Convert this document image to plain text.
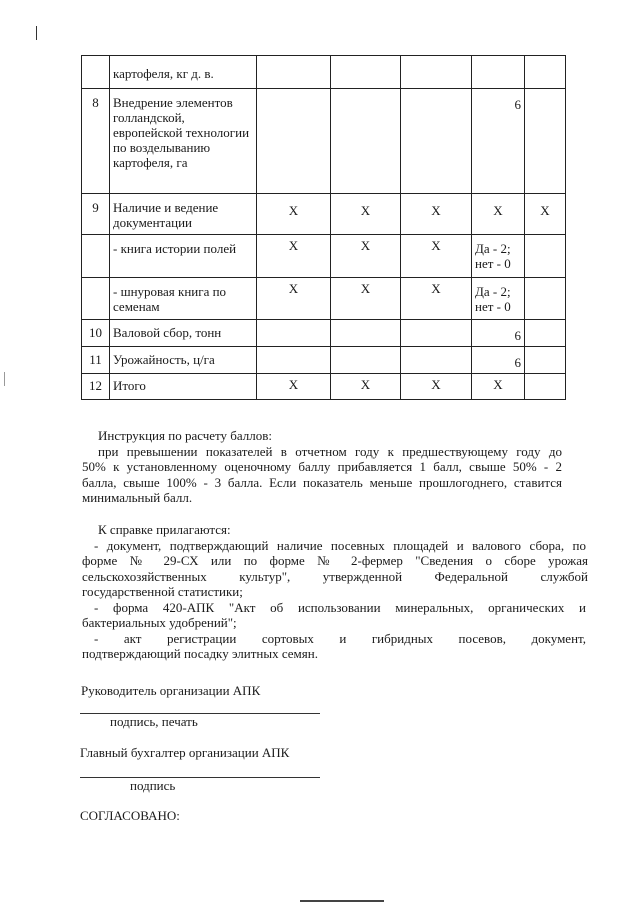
	картофеля, кг д. в.					
8	Внедрение элементов голландской, европейской технологии по возделыванию картофеля, га				6	
9	Наличие и ведение документации	X	X	X	X	X
	- книга истории полей	X	X	X	Да - 2; нет - 0	
	- шнуровая книга по семенам	X	X	X	Да - 2; нет - 0	
10	Валовой сбор, тонн				6	
11	Урожайность, ц/га				6	
12	Итого	X	X	X	X	
Инструкция по расчету баллов:
при превышении показателей в отчетном году к предшествующему году до
50% к установленному оценочному баллу прибавляется 1 балл, свыше 50% - 2
балла, свыше 100% - 3 балла. Если показатель меньше прошлогоднего, ставится
минимальный балл.
К справке прилагаются:
- документ, подтверждающий наличие посевных площадей и валового сбора, по
форме № 29-СХ или по форме № 2-фермер "Сведения о сборе урожая
сельскохозяйственных культур", утвержденной Федеральной службой
государственной статистики;
- форма 420-АПК "Акт об использовании минеральных, органических и
бактериальных удобрений";
- акт регистрации сортовых и гибридных посевов, документ,
подтверждающий посадку элитных семян.
Руководитель организации АПК
подпись, печать
Главный бухгалтер организации АПК
подпись
СОГЛАСОВАНО:
